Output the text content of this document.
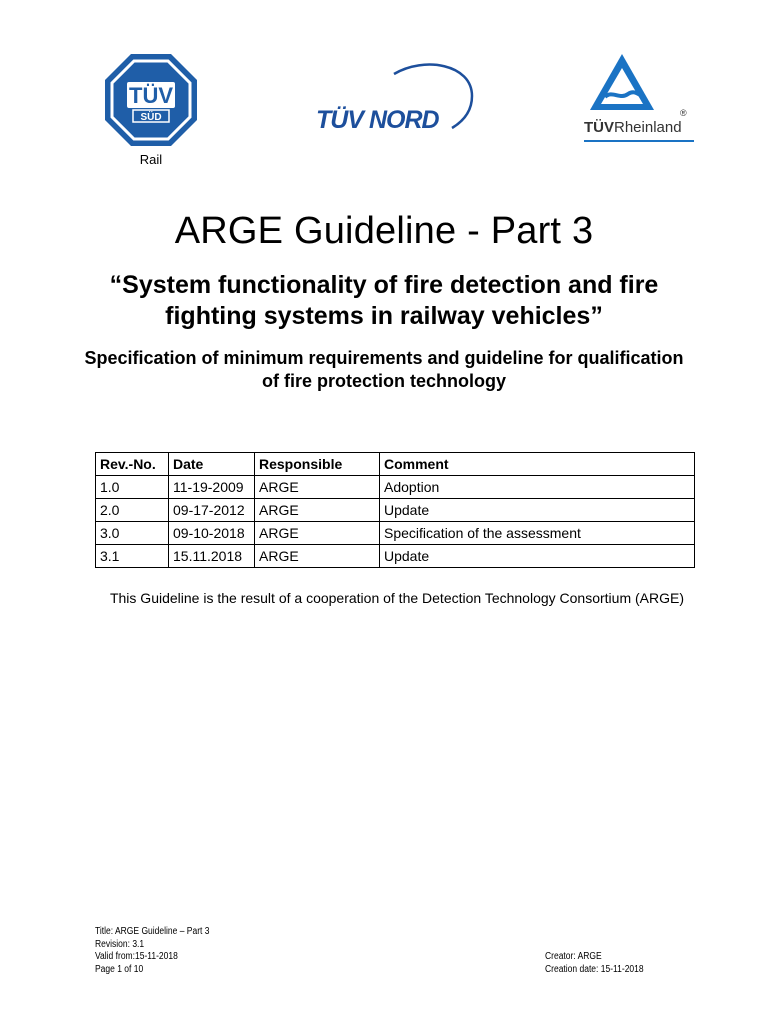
TÜV
SÜD
Rail
TÜV NORD	®
TÜVRheinland
ARGE Guideline - Part 3

“System functionality of fire detection and fire fighting systems in railway vehicles”

Specification of minimum requirements and guideline for qualification of fire protection technology

Rev.-No.	Date	Responsible	Comment
1.0	11-19-2009	ARGE	Adoption
2.0	09-17-2012	ARGE	Update
3.0	09-10-2018	ARGE	Specification of the assessment
3.1	15.11.2018	ARGE	Update

This Guideline is the result of a cooperation of the Detection Technology Consortium (ARGE)

Title: ARGE Guideline – Part 3
Revision: 3.1
Valid from:15-11-2018
Page 1 of 10
Creator: ARGE
Creation date: 15-11-2018
